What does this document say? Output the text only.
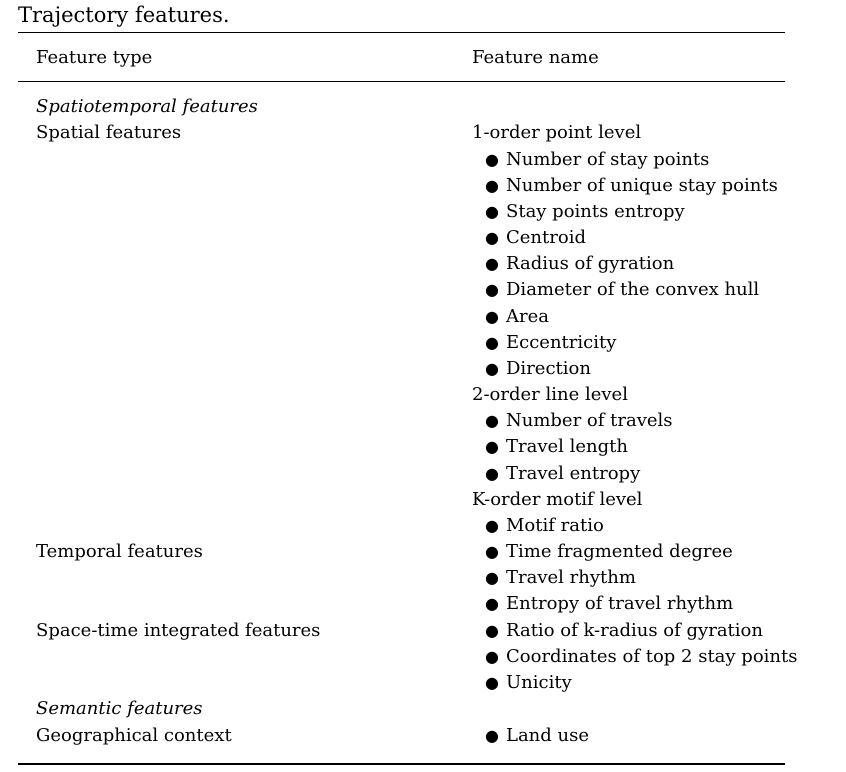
Trajectory features.
Feature type	Feature name
Spatiotemporal features
Spatial features	1-order point level
● Number of stay points
● Number of unique stay points
● Stay points entropy
● Centroid
● Radius of gyration
● Diameter of the convex hull
● Area
● Eccentricity
● Direction
2-order line level
● Number of travels
● Travel length
● Travel entropy
K-order motif level
● Motif ratio
Temporal features	● Time fragmented degree
● Travel rhythm
● Entropy of travel rhythm
Space-time integrated features	● Ratio of k-radius of gyration
● Coordinates of top 2 stay points
● Unicity
Semantic features
Geographical context	● Land use
